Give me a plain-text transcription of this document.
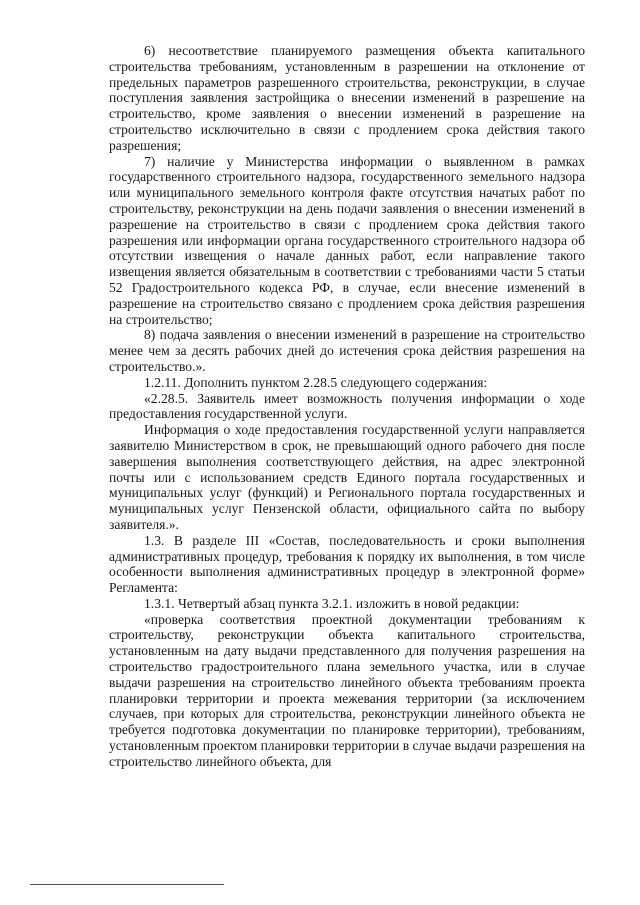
6) несоответствие планируемого размещения объекта капитального строительства требованиям, установленным в разрешении на отклонение от предельных параметров разрешенного строительства, реконструкции, в случае поступления заявления застройщика о внесении изменений в разрешение на строительство, кроме заявления о внесении изменений в разрешение на строительство исключительно в связи с продлением срока действия такого разрешения;

7) наличие у Министерства информации о выявленном в рамках государственного строительного надзора, государственного земельного надзора или муниципального земельного контроля факте отсутствия начатых работ по строительству, реконструкции на день подачи заявления о внесении изменений в разрешение на строительство в связи с продлением срока действия такого разрешения или информации органа государственного строительного надзора об отсутствии извещения о начале данных работ, если направление такого извещения является обязательным в соответствии с требованиями части 5 статьи 52 Градостроительного кодекса РФ, в случае, если внесение изменений в разрешение на строительство связано с продлением срока действия разрешения на строительство;

8) подача заявления о внесении изменений в разрешение на строительство менее чем за десять рабочих дней до истечения срока действия разрешения на строительство.».

1.2.11. Дополнить пунктом 2.28.5 следующего содержания:

«2.28.5. Заявитель имеет возможность получения информации о ходе предоставления государственной услуги.

Информация о ходе предоставления государственной услуги направляется заявителю Министерством в срок, не превышающий одного рабочего дня после завершения выполнения соответствующего действия, на адрес электронной почты или с использованием средств Единого портала государственных и муниципальных услуг (функций) и Регионального портала государственных и муниципальных услуг Пензенской области, официального сайта по выбору заявителя.».

1.3. В разделе III «Состав, последовательность и сроки выполнения административных процедур, требования к порядку их выполнения, в том числе особенности выполнения административных процедур в электронной форме» Регламента:

1.3.1. Четвертый абзац пункта 3.2.1. изложить в новой редакции:

«проверка соответствия проектной документации требованиям к строительству, реконструкции объекта капитального строительства, установленным на дату выдачи представленного для получения разрешения на строительство градостроительного плана земельного участка, или в случае выдачи разрешения на строительство линейного объекта требованиям проекта планировки территории и проекта межевания территории (за исключением случаев, при которых для строительства, реконструкции линейного объекта не требуется подготовка документации по планировке территории), требованиям, установленным проектом планировки территории в случае выдачи разрешения на строительство линейного объекта, для
